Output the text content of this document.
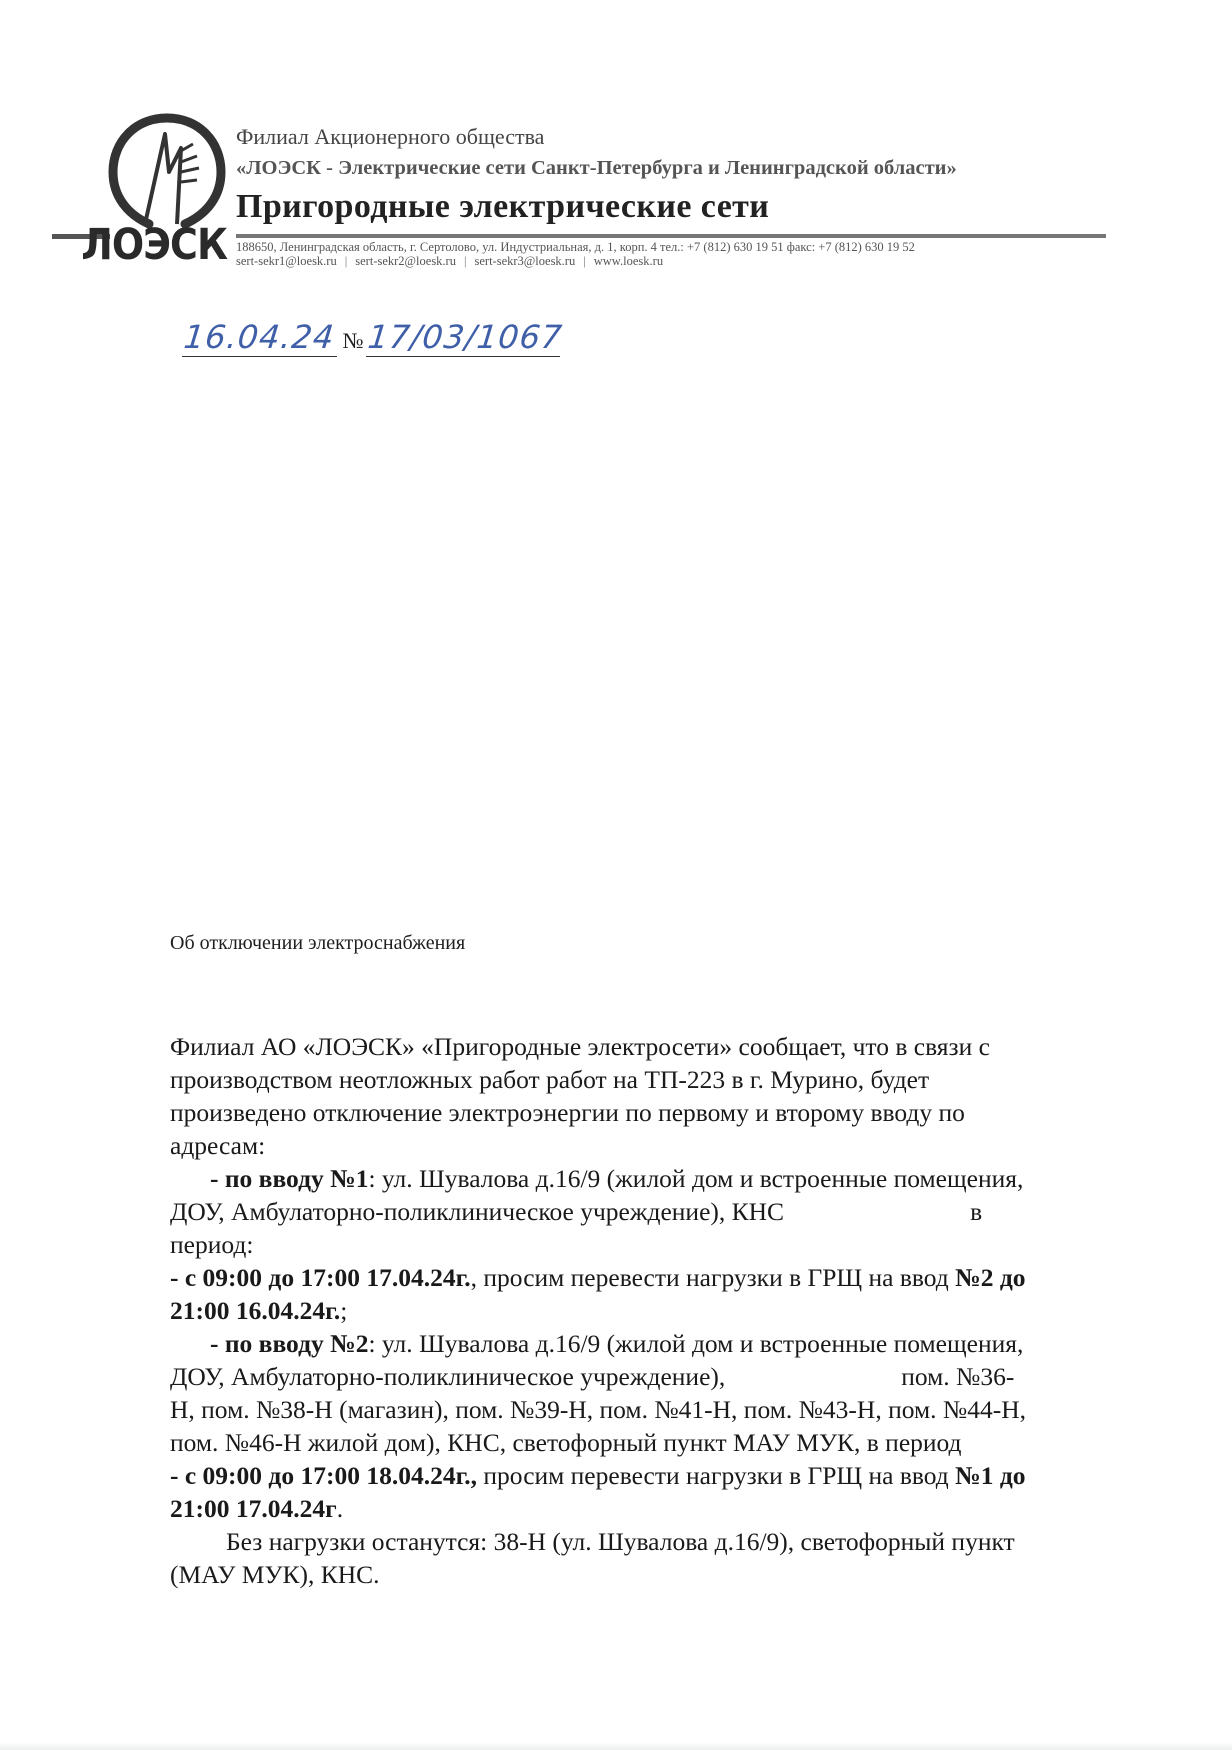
ЛОЭСК
Филиал Акционерного общества
«ЛОЭСК - Электрические сети Санкт-Петербурга и Ленинградской области»
Пригородные электрические сети
188650, Ленинградская область, г. Сертолово, ул. Индустриальная, д. 1, корп. 4 тел.: +7 (812) 630 19 51 факс: +7 (812) 630 19 52
sert-sekr1@loesk.ru | sert-sekr2@loesk.ru | sert-sekr3@loesk.ru | www.loesk.ru
16.04.24 №17/03/1067
Об отключении электроснабжения

Филиал АО «ЛОЭСК» «Пригородные электросети» сообщает, что в связи с

производством неотложных работ работ на ТП-223 в г. Мурино, будет

произведено отключение электроэнергии по первому и второму вводу по

адресам:

- по вводу №1: ул. Шувалова д.16/9 (жилой дом и встроенные помещения,

ДОУ, Амбулаторно-поликлиническое учреждение), КНС	в

период:

- с 09:00 до 17:00 17.04.24г., просим перевести нагрузки в ГРЩ на ввод №2 до

21:00 16.04.24г.;

- по вводу №2: ул. Шувалова д.16/9 (жилой дом и встроенные помещения,

ДОУ, Амбулаторно-поликлиническое учреждение),	пом. №36-

Н, пом. №38-Н (магазин), пом. №39-Н, пом. №41-Н, пом. №43-Н, пом. №44-Н,

пом. №46-Н жилой дом), КНС, светофорный пункт МАУ МУК, в период

- с 09:00 до 17:00 18.04.24г., просим перевести нагрузки в ГРЩ на ввод №1 до

21:00 17.04.24г.

Без нагрузки останутся: 38-Н (ул. Шувалова д.16/9), светофорный пункт

(МАУ МУК), КНС.
